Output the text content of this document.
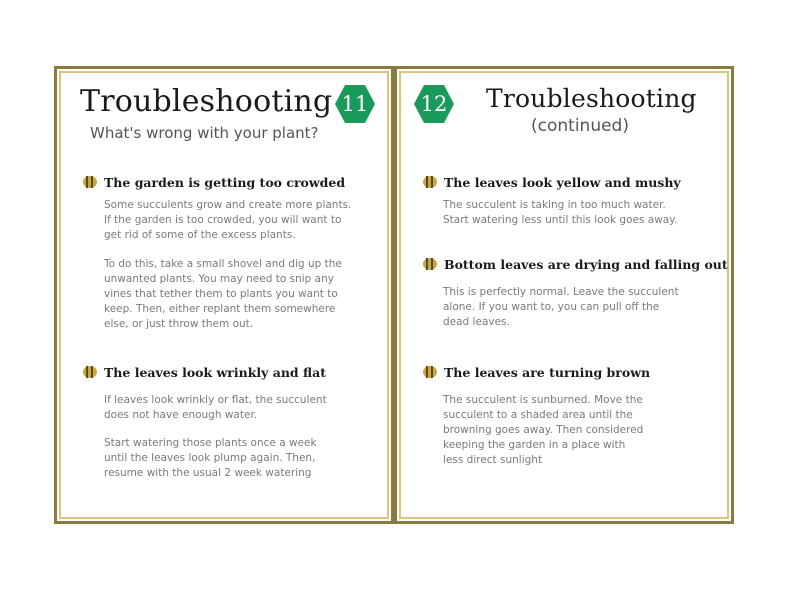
Troubleshooting
What's wrong with your plant?
11
The garden is getting too crowded
Some succulents grow and create more plants.
If the garden is too crowded, you will want to
get rid of some of the excess plants.
To do this, take a small shovel and dig up the
unwanted plants. You may need to snip any
vines that tether them to plants you want to
keep. Then, either replant them somewhere
else, or just throw them out.
The leaves look wrinkly and flat
If leaves look wrinkly or flat, the succulent
does not have enough water.
Start watering those plants once a week
until the leaves look plump again. Then,
resume with the usual 2 week watering
12	Troubleshooting
(continued)
The leaves look yellow and mushy
The succulent is taking in too much water.
Start watering less until this look goes away.
Bottom leaves are drying and falling out
This is perfectly normal. Leave the succulent
alone. If you want to, you can pull off the
dead leaves.
The leaves are turning brown
The succulent is sunburned. Move the
succulent to a shaded area until the
browning goes away. Then considered
keeping the garden in a place with
less direct sunlight
